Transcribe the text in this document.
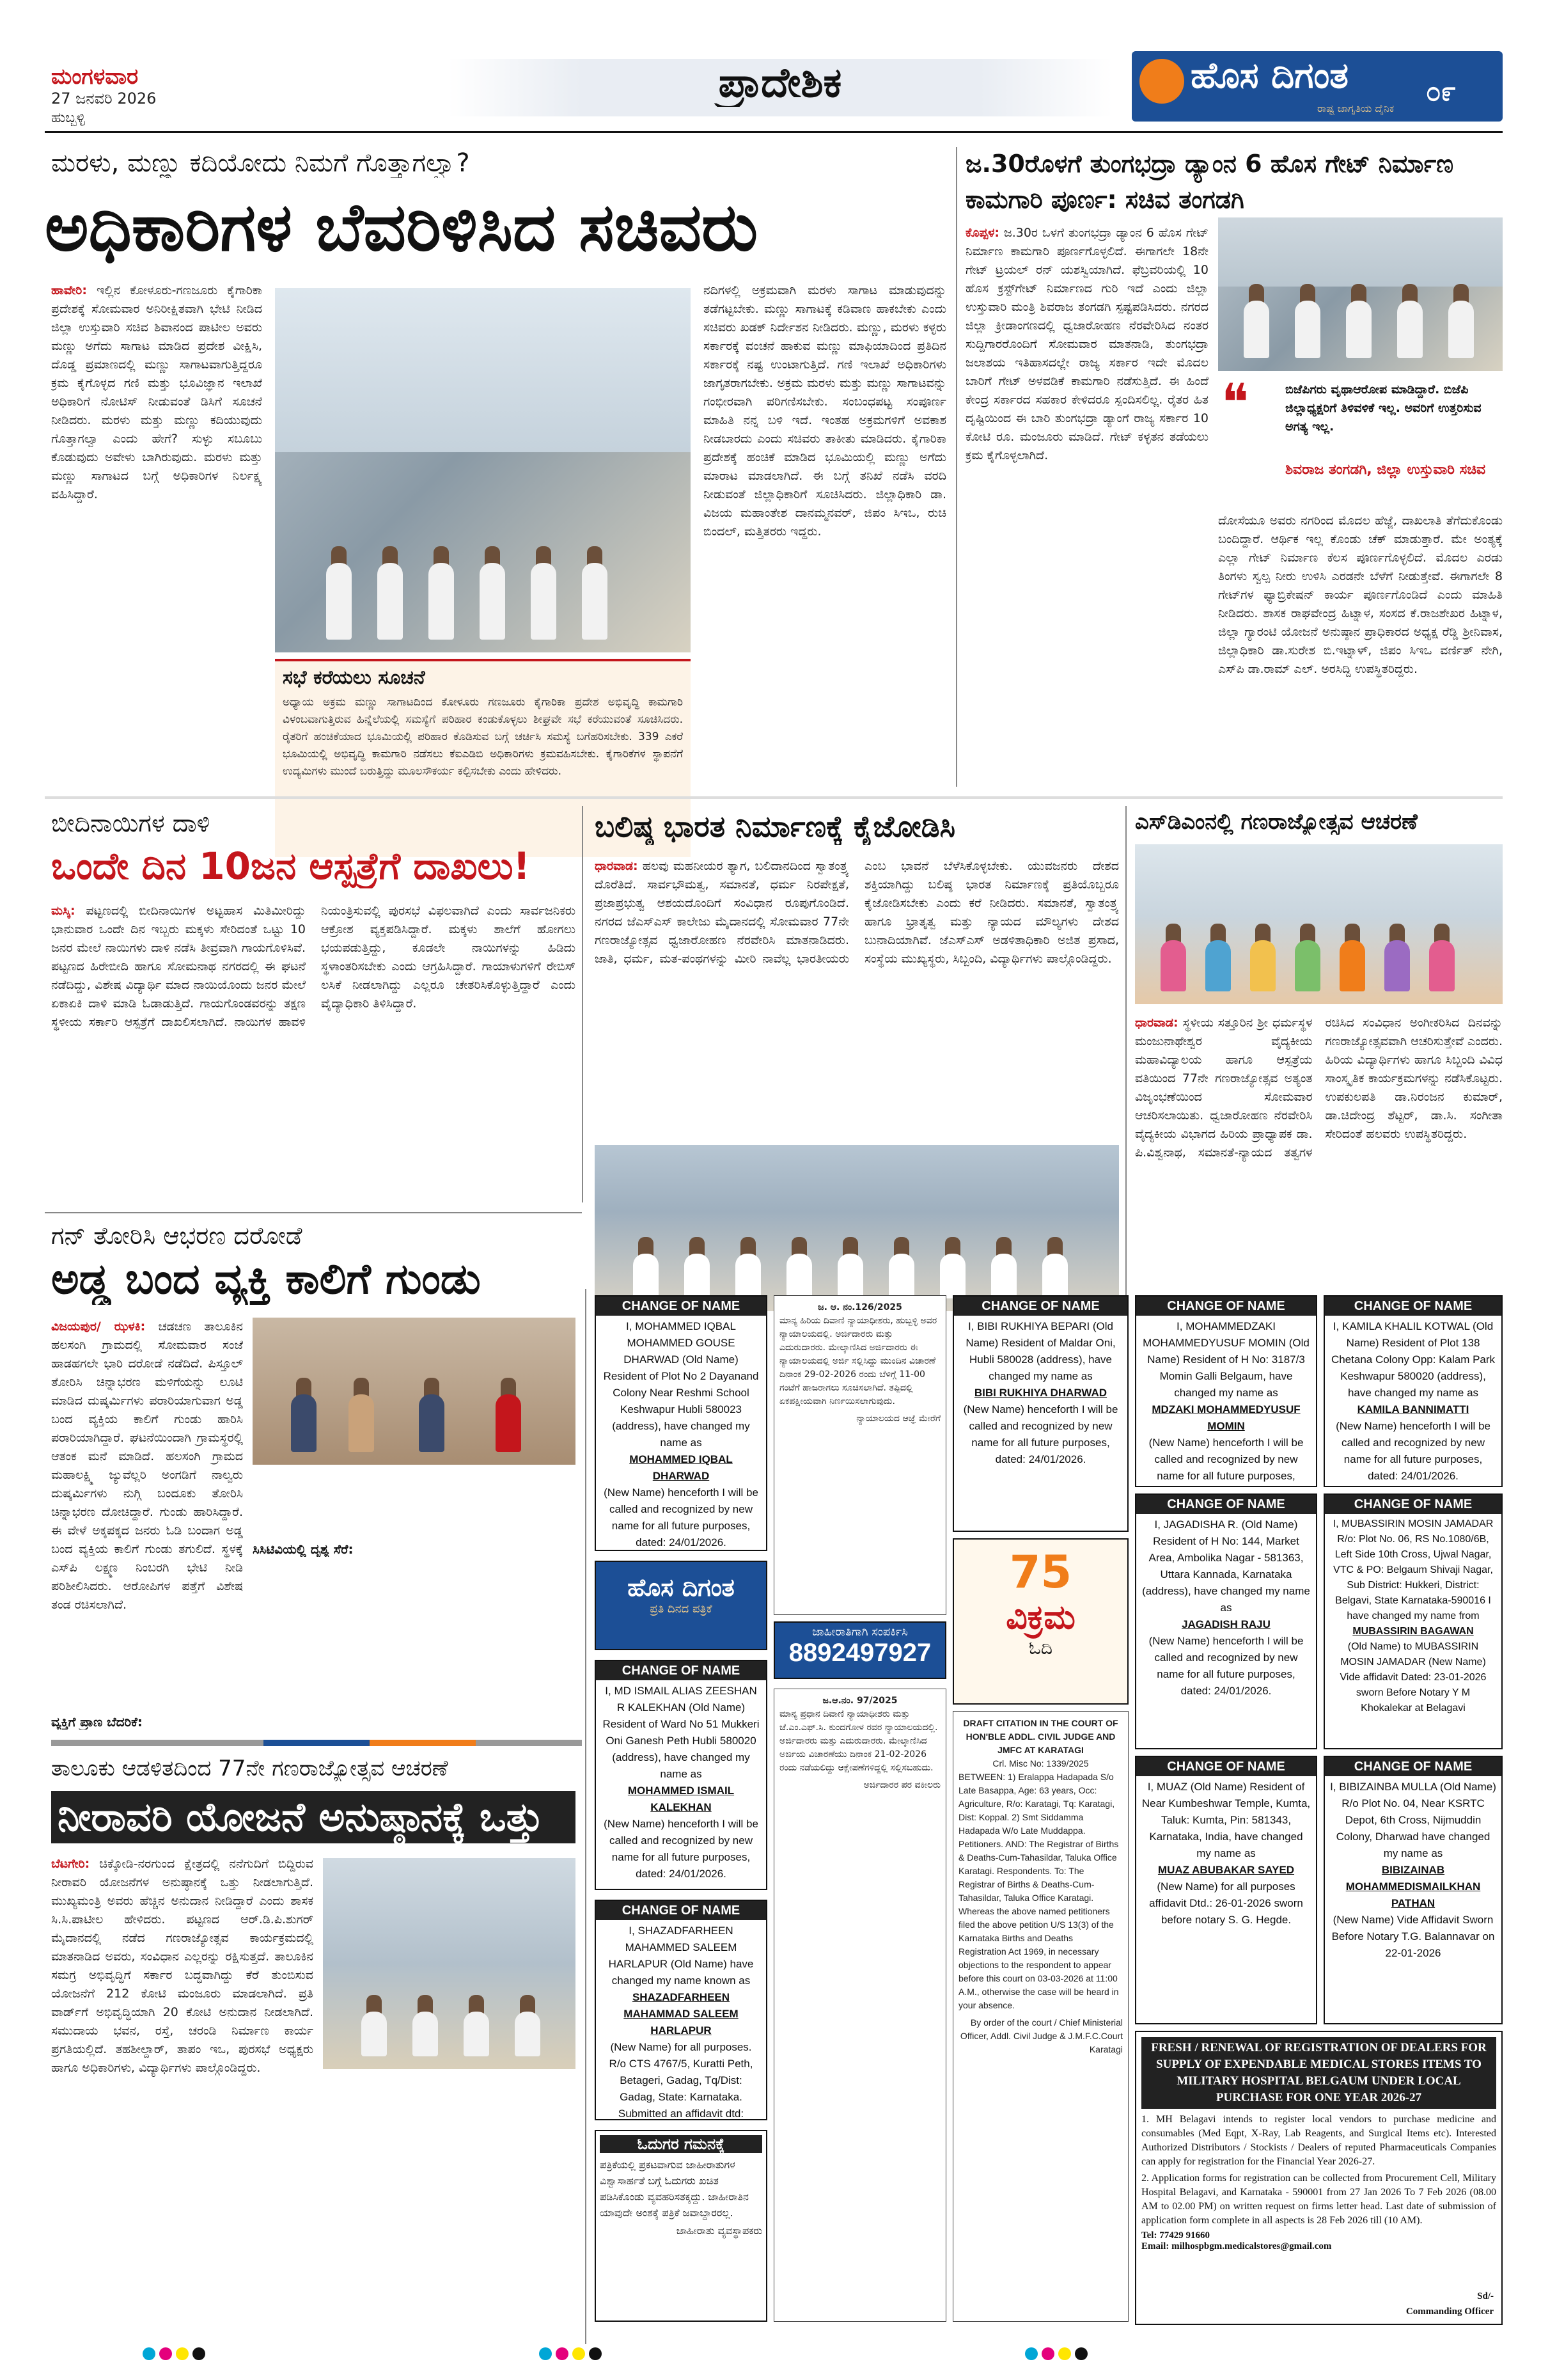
ಮಂಗಳವಾರ
27 ಜನವರಿ 2026
ಹುಬ್ಬಳ್ಳಿ
ಪ್ರಾದೇಶಿಕ	ಹೊಸ ದಿಗಂತ
ರಾಷ್ಟ್ರ ಜಾಗೃತಿಯ ದೈನಿಕ
೦೯
ಮರಳು, ಮಣ್ಣು ಕದಿಯೋದು ನಿಮಗೆ ಗೊತ್ತಾಗಲ್ವಾ?
ಅಧಿಕಾರಿಗಳ ಬೆವರಿಳಿಸಿದ ಸಚಿವರು
ಹಾವೇರಿ: ಇಲ್ಲಿನ ಕೋಳೂರು-ಗಣಜೂರು ಕೈಗಾರಿಕಾ ಪ್ರದೇಶಕ್ಕೆ ಸೋಮವಾರ ಅನಿರೀಕ್ಷಿತವಾಗಿ ಭೇಟಿ ನೀಡಿದ ಜಿಲ್ಲಾ ಉಸ್ತುವಾರಿ ಸಚಿವ ಶಿವಾನಂದ ಪಾಟೀಲ ಅವರು ಮಣ್ಣು ಅಗೆದು ಸಾಗಾಟ ಮಾಡಿದ ಪ್ರದೇಶ ವೀಕ್ಷಿಸಿ, ದೊಡ್ಡ ಪ್ರಮಾಣದಲ್ಲಿ ಮಣ್ಣು ಸಾಗಾಟವಾಗುತ್ತಿದ್ದರೂ ಕ್ರಮ ಕೈಗೊಳ್ಳದ ಗಣಿ ಮತ್ತು ಭೂವಿಜ್ಞಾನ ಇಲಾಖೆ ಅಧಿಕಾರಿಗೆ ನೋಟಿಸ್ ನೀಡುವಂತೆ ಡಿಸಿಗೆ ಸೂಚನೆ ನೀಡಿದರು. ಮರಳು ಮತ್ತು ಮಣ್ಣು ಕದಿಯುವುದು ಗೊತ್ತಾಗಲ್ವಾ ಎಂದು ಹೇಗೆ? ಸುಳ್ಳು ಸಬೂಬು ಕೊಡುವುದು ಅವೇಳು ಬಾಗಿರುವುದು. ಮರಳು ಮತ್ತು ಮಣ್ಣು ಸಾಗಾಟದ ಬಗ್ಗೆ ಅಧಿಕಾರಿಗಳ ನಿರ್ಲಕ್ಷ್ಯ ವಹಿಸಿದ್ದಾರೆ.
ಸಭೆ ಕರೆಯಲು ಸೂಚನೆ
ಅಧ್ಯಾಯ ಅಕ್ರಮ ಮಣ್ಣು ಸಾಗಾಟದಿಂದ ಕೋಳೂರು ಗಣಜೂರು ಕೈಗಾರಿಕಾ ಪ್ರದೇಶ ಅಭಿವೃದ್ಧಿ ಕಾಮಗಾರಿ ವಿಳಂಬವಾಗುತ್ತಿರುವ ಹಿನ್ನೆಲೆಯಲ್ಲಿ ಸಮಸ್ಯೆಗೆ ಪರಿಹಾರ ಕಂಡುಕೊಳ್ಳಲು ಶೀಘ್ರವೇ ಸಭೆ ಕರೆಯುವಂತೆ ಸೂಚಿಸಿದರು. ರೈತರಿಗೆ ಹಂಚಿಕೆಯಾದ ಭೂಮಿಯಲ್ಲಿ ಪರಿಹಾರ ಕೊಡಿಸುವ ಬಗ್ಗೆ ಚರ್ಚಿಸಿ ಸಮಸ್ಯೆ ಬಗೆಹರಿಸಬೇಕು. 339 ಎಕರೆ ಭೂಮಿಯಲ್ಲಿ ಅಭಿವೃದ್ಧಿ ಕಾಮಗಾರಿ ನಡೆಸಲು ಕೆಐಎಡಿಬಿ ಅಧಿಕಾರಿಗಳು ಕ್ರಮವಹಿಸಬೇಕು. ಕೈಗಾರಿಕೆಗಳ ಸ್ಥಾಪನೆಗೆ ಉದ್ಯಮಿಗಳು ಮುಂದೆ ಬರುತ್ತಿದ್ದು ಮೂಲಸೌಕರ್ಯ ಕಲ್ಪಿಸಬೇಕು ಎಂದು ಹೇಳಿದರು.
ನದಿಗಳಲ್ಲಿ ಅಕ್ರಮವಾಗಿ ಮರಳು ಸಾಗಾಟ ಮಾಡುವುದನ್ನು ತಡೆಗಟ್ಟಬೇಕು. ಮಣ್ಣು ಸಾಗಾಟಕ್ಕೆ ಕಡಿವಾಣ ಹಾಕಬೇಕು ಎಂದು ಸಚಿವರು ಖಡಕ್ ನಿರ್ದೇಶನ ನೀಡಿದರು. ಮಣ್ಣು, ಮರಳು ಕಳ್ಳರು ಸರ್ಕಾರಕ್ಕೆ ವಂಚನೆ ಹಾಕುವ ಮಣ್ಣು ಮಾಫಿಯಾದಿಂದ ಪ್ರತಿದಿನ ಸರ್ಕಾರಕ್ಕೆ ನಷ್ಟ ಉಂಟಾಗುತ್ತಿದೆ. ಗಣಿ ಇಲಾಖೆ ಅಧಿಕಾರಿಗಳು ಜಾಗೃತರಾಗಬೇಕು. ಅಕ್ರಮ ಮರಳು ಮತ್ತು ಮಣ್ಣು ಸಾಗಾಟವನ್ನು ಗಂಭೀರವಾಗಿ ಪರಿಗಣಿಸಬೇಕು. ಸಂಬಂಧಪಟ್ಟ ಸಂಪೂರ್ಣ ಮಾಹಿತಿ ನನ್ನ ಬಳಿ ಇದೆ. ಇಂತಹ ಅಕ್ರಮಗಳಿಗೆ ಅವಕಾಶ ನೀಡಬಾರದು ಎಂದು ಸಚಿವರು ತಾಕೀತು ಮಾಡಿದರು. ಕೈಗಾರಿಕಾ ಪ್ರದೇಶಕ್ಕೆ ಹಂಚಿಕೆ ಮಾಡಿದ ಭೂಮಿಯಲ್ಲಿ ಮಣ್ಣು ಅಗೆದು ಮಾರಾಟ ಮಾಡಲಾಗಿದೆ. ಈ ಬಗ್ಗೆ ತನಿಖೆ ನಡೆಸಿ ವರದಿ ನೀಡುವಂತೆ ಜಿಲ್ಲಾಧಿಕಾರಿಗೆ ಸೂಚಿಸಿದರು. ಜಿಲ್ಲಾಧಿಕಾರಿ ಡಾ. ವಿಜಯ ಮಹಾಂತೇಶ ದಾನಮ್ಮನವರ್, ಜಿಪಂ ಸಿಇಒ, ರುಚಿ ಬಿಂದಲ್, ಮತ್ತಿತರರು ಇದ್ದರು.
ಜ.30ರೊಳಗೆ ತುಂಗಭದ್ರಾ ಡ್ಯಾಂನ 6 ಹೊಸ ಗೇಟ್ ನಿರ್ಮಾಣ ಕಾಮಗಾರಿ ಪೂರ್ಣ: ಸಚಿವ ತಂಗಡಗಿ
ಕೊಪ್ಪಳ: ಜ.30ರ ಒಳಗೆ ತುಂಗಭದ್ರಾ ಡ್ಯಾಂನ 6 ಹೊಸ ಗೇಟ್ ನಿರ್ಮಾಣ ಕಾಮಗಾರಿ ಪೂರ್ಣಗೊಳ್ಳಲಿದೆ. ಈಗಾಗಲೇ 18ನೇ ಗೇಟ್ ಟ್ರಯಲ್ ರನ್ ಯಶಸ್ವಿಯಾಗಿದೆ. ಫೆಬ್ರವರಿಯಲ್ಲಿ 10 ಹೊಸ ಕ್ರಸ್ಟ್‌ಗೇಟ್ ನಿರ್ಮಾಣದ ಗುರಿ ಇದೆ ಎಂದು ಜಿಲ್ಲಾ ಉಸ್ತುವಾರಿ ಮಂತ್ರಿ ಶಿವರಾಜ ತಂಗಡಗಿ ಸ್ಪಷ್ಟಪಡಿಸಿದರು. ನಗರದ ಜಿಲ್ಲಾ ಕ್ರೀಡಾಂಗಣದಲ್ಲಿ ಧ್ವಜಾರೋಹಣ ನೆರವೇರಿಸಿದ ನಂತರ ಸುದ್ದಿಗಾರರೊಂದಿಗೆ ಸೋಮವಾರ ಮಾತನಾಡಿ, ತುಂಗಭದ್ರಾ ಜಲಾಶಯ ಇತಿಹಾಸದಲ್ಲೇ ರಾಜ್ಯ ಸರ್ಕಾರ ಇದೇ ಮೊದಲ ಬಾರಿಗೆ ಗೇಟ್ ಅಳವಡಿಕೆ ಕಾಮಗಾರಿ ನಡೆಸುತ್ತಿದೆ. ಈ ಹಿಂದೆ ಕೇಂದ್ರ ಸರ್ಕಾರದ ಸಹಕಾರ ಕೇಳಿದರೂ ಸ್ಪಂದಿಸಲಿಲ್ಲ. ರೈತರ ಹಿತ ದೃಷ್ಟಿಯಿಂದ ಈ ಬಾರಿ ತುಂಗಭದ್ರಾ ಡ್ಯಾಂಗೆ ರಾಜ್ಯ ಸರ್ಕಾರ 10 ಕೋಟಿ ರೂ. ಮಂಜೂರು ಮಾಡಿದೆ. ಗೇಟ್ ಕಳ್ಳತನ ತಡೆಯಲು ಕ್ರಮ ಕೈಗೊಳ್ಳಲಾಗಿದೆ.
❝	ಬಿಜೆಪಿಗರು ವೃಥಾಆರೋಪ ಮಾಡಿದ್ದಾರೆ. ಬಿಜೆಪಿ ಜಿಲ್ಲಾಧ್ಯಕ್ಷರಿಗೆ ತಿಳಿವಳಿಕೆ ಇಲ್ಲ. ಅವರಿಗೆ ಉತ್ತರಿಸುವ ಅಗತ್ಯ ಇಲ್ಲ.
ಶಿವರಾಜ ತಂಗಡಗಿ, ಜಿಲ್ಲಾ ಉಸ್ತುವಾರಿ ಸಚಿವ
ದೋಸೆಯೂ ಅವರು ನಗರಿಂದ ಮೊದಲ ಹೆಜ್ಜೆ, ದಾಖಲಾತಿ ತೆಗೆದುಕೊಂಡು ಬಂದಿದ್ದಾರೆ. ಆರ್ಥಿಕ ಇಲ್ಲ ಕೊಂಡು ಚೆಕ್ ಮಾಡುತ್ತಾರೆ. ಮೇ ಅಂತ್ಯಕ್ಕೆ ಎಲ್ಲಾ ಗೇಟ್ ನಿರ್ಮಾಣ ಕೆಲಸ ಪೂರ್ಣಗೊಳ್ಳಲಿದೆ. ಮೊದಲ ಎರಡು ತಿಂಗಳು ಸ್ವಲ್ಪ ನೀರು ಉಳಿಸಿ ಎರಡನೇ ಬೆಳೆಗೆ ನೀಡುತ್ತೇವೆ. ಈಗಾಗಲೇ 8 ಗೇಟ್‌ಗಳ ಫ್ಯಾಬ್ರಿಕೇಷನ್ ಕಾರ್ಯ ಪೂರ್ಣಗೊಂಡಿದೆ ಎಂದು ಮಾಹಿತಿ ನೀಡಿದರು. ಶಾಸಕ ರಾಘವೇಂದ್ರ ಹಿಟ್ನಾಳ, ಸಂಸದ ಕೆ.ರಾಜಶೇಖರ ಹಿಟ್ನಾಳ, ಜಿಲ್ಲಾ ಗ್ಯಾರಂಟಿ ಯೋಜನೆ ಅನುಷ್ಠಾನ ಪ್ರಾಧಿಕಾರದ ಅಧ್ಯಕ್ಷ ರೆಡ್ಡಿ ಶ್ರೀನಿವಾಸ, ಜಿಲ್ಲಾಧಿಕಾರಿ ಡಾ.ಸುರೇಶ ಬಿ.ಇಟ್ನಾಳ್, ಜಿಪಂ ಸಿಇಒ ವರ್ಣಿತ್ ನೇಗಿ, ಎಸ್‌ಪಿ ಡಾ.ರಾಮ್ ಎಲ್. ಅರಸಿದ್ದಿ ಉಪಸ್ಥಿತರಿದ್ದರು.
ಬೀದಿನಾಯಿಗಳ ದಾಳಿ
ಒಂದೇ ದಿನ 10ಜನ ಆಸ್ಪತ್ರೆಗೆ ದಾಖಲು!
ಮಸ್ಕಿ: ಪಟ್ಟಣದಲ್ಲಿ ಬೀದಿನಾಯಿಗಳ ಅಟ್ಟಹಾಸ ಮಿತಿಮೀರಿದ್ದು ಭಾನುವಾರ ಒಂದೇ ದಿನ ಇಬ್ಬರು ಮಕ್ಕಳು ಸೇರಿದಂತೆ ಒಟ್ಟು 10 ಜನರ ಮೇಲೆ ನಾಯಿಗಳು ದಾಳಿ ನಡೆಸಿ ತೀವ್ರವಾಗಿ ಗಾಯಗೊಳಿಸಿವೆ. ಪಟ್ಟಣದ ಹಿರೇಬೀದಿ ಹಾಗೂ ಸೋಮನಾಥ ನಗರದಲ್ಲಿ ಈ ಘಟನೆ ನಡೆದಿದ್ದು, ವಿಶೇಷ ವಿದ್ಯಾರ್ಥಿ ಮಾದ ನಾಯಿಯೊಂದು ಜನರ ಮೇಲೆ ಏಕಾಏಕಿ ದಾಳಿ ಮಾಡಿ ಓಡಾಡುತ್ತಿದೆ. ಗಾಯಗೊಂಡವರನ್ನು ತಕ್ಷಣ ಸ್ಥಳೀಯ ಸರ್ಕಾರಿ ಆಸ್ಪತ್ರೆಗೆ ದಾಖಲಿಸಲಾಗಿದೆ. ನಾಯಿಗಳ ಹಾವಳಿ ನಿಯಂತ್ರಿಸುವಲ್ಲಿ ಪುರಸಭೆ ವಿಫಲವಾಗಿದೆ ಎಂದು ಸಾರ್ವಜನಿಕರು ಆಕ್ರೋಶ ವ್ಯಕ್ತಪಡಿಸಿದ್ದಾರೆ. ಮಕ್ಕಳು ಶಾಲೆಗೆ ಹೋಗಲು ಭಯಪಡುತ್ತಿದ್ದು, ಕೂಡಲೇ ನಾಯಿಗಳನ್ನು ಹಿಡಿದು ಸ್ಥಳಾಂತರಿಸಬೇಕು ಎಂದು ಆಗ್ರಹಿಸಿದ್ದಾರೆ. ಗಾಯಾಳುಗಳಿಗೆ ರೇಬಿಸ್ ಲಸಿಕೆ ನೀಡಲಾಗಿದ್ದು ಎಲ್ಲರೂ ಚೇತರಿಸಿಕೊಳ್ಳುತ್ತಿದ್ದಾರೆ ಎಂದು ವೈದ್ಯಾಧಿಕಾರಿ ತಿಳಿಸಿದ್ದಾರೆ.
ಬಲಿಷ್ಠ ಭಾರತ ನಿರ್ಮಾಣಕ್ಕೆ ಕೈಜೋಡಿಸಿ
ಧಾರವಾಡ: ಹಲವು ಮಹನೀಯರ ತ್ಯಾಗ, ಬಲಿದಾನದಿಂದ ಸ್ವಾತಂತ್ರ್ಯ ದೊರೆತಿದೆ. ಸಾರ್ವಭೌಮತ್ವ, ಸಮಾನತೆ, ಧರ್ಮ ನಿರಪೇಕ್ಷತೆ, ಪ್ರಜಾಪ್ರಭುತ್ವ ಆಶಯದೊಂದಿಗೆ ಸಂವಿಧಾನ ರೂಪುಗೊಂಡಿದೆ. ನಗರದ ಜೆಎಸ್‌ಎಸ್ ಕಾಲೇಜು ಮೈದಾನದಲ್ಲಿ ಸೋಮವಾರ 77ನೇ ಗಣರಾಜ್ಯೋತ್ಸವ ಧ್ವಜಾರೋಹಣ ನೆರವೇರಿಸಿ ಮಾತನಾಡಿದರು. ಜಾತಿ, ಧರ್ಮ, ಮತ-ಪಂಥಗಳನ್ನು ಮೀರಿ ನಾವೆಲ್ಲ ಭಾರತೀಯರು ಎಂಬ ಭಾವನೆ ಬೆಳೆಸಿಕೊಳ್ಳಬೇಕು. ಯುವಜನರು ದೇಶದ ಶಕ್ತಿಯಾಗಿದ್ದು ಬಲಿಷ್ಠ ಭಾರತ ನಿರ್ಮಾಣಕ್ಕೆ ಪ್ರತಿಯೊಬ್ಬರೂ ಕೈಜೋಡಿಸಬೇಕು ಎಂದು ಕರೆ ನೀಡಿದರು. ಸಮಾನತೆ, ಸ್ವಾತಂತ್ರ್ಯ ಹಾಗೂ ಭ್ರಾತೃತ್ವ ಮತ್ತು ನ್ಯಾಯದ ಮೌಲ್ಯಗಳು ದೇಶದ ಬುನಾದಿಯಾಗಿವೆ. ಜೆಎಸ್‌ಎಸ್ ಅಡಳಿತಾಧಿಕಾರಿ ಅಜಿತ ಪ್ರಸಾದ, ಸಂಸ್ಥೆಯ ಮುಖ್ಯಸ್ಥರು, ಸಿಬ್ಬಂದಿ, ವಿದ್ಯಾರ್ಥಿಗಳು ಪಾಲ್ಗೊಂಡಿದ್ದರು.
ಎಸ್‌ಡಿಎಂನಲ್ಲಿ ಗಣರಾಜ್ಯೋತ್ಸವ ಆಚರಣೆ
ಧಾರವಾಡ: ಸ್ಥಳೀಯ ಸತ್ತೂರಿನ ಶ್ರೀ ಧರ್ಮಸ್ಥಳ ಮಂಜುನಾಥೇಶ್ವರ ವೈದ್ಯಕೀಯ ಮಹಾವಿದ್ಯಾಲಯ ಹಾಗೂ ಆಸ್ಪತ್ರೆಯ ವತಿಯಿಂದ 77ನೇ ಗಣರಾಜ್ಯೋತ್ಸವ ಅತ್ಯಂತ ವಿಜೃಂಭಣೆಯಿಂದ ಸೋಮವಾರ ಆಚರಿಸಲಾಯಿತು. ಧ್ವಜಾರೋಹಣ ನೆರವೇರಿಸಿ ವೈದ್ಯಕೀಯ ವಿಭಾಗದ ಹಿರಿಯ ಪ್ರಾಧ್ಯಾಪಕ ಡಾ. ಪಿ.ವಿಶ್ವನಾಥ, ಸಮಾನತೆ-ನ್ಯಾಯದ ತತ್ವಗಳ ರಚಿಸಿದ ಸಂವಿಧಾನ ಅಂಗೀಕರಿಸಿದ ದಿನವನ್ನು ಗಣರಾಜ್ಯೋತ್ಸವವಾಗಿ ಆಚರಿಸುತ್ತೇವೆ ಎಂದರು. ಹಿರಿಯ ವಿದ್ಯಾರ್ಥಿಗಳು ಹಾಗೂ ಸಿಬ್ಬಂದಿ ವಿವಿಧ ಸಾಂಸ್ಕೃತಿಕ ಕಾರ್ಯಕ್ರಮಗಳನ್ನು ನಡೆಸಿಕೊಟ್ಟರು. ಉಪಕುಲಪತಿ ಡಾ.ನಿರಂಜನ ಕುಮಾರ್, ಡಾ.ಚಿದೇಂದ್ರ ಶೆಟ್ಟರ್, ಡಾ.ಸಿ. ಸಂಗೀತಾ ಸೇರಿದಂತೆ ಹಲವರು ಉಪಸ್ಥಿತರಿದ್ದರು.
ಗನ್ ತೋರಿಸಿ ಆಭರಣ ದರೋಡೆ
ಅಡ್ಡ ಬಂದ ವ್ಯಕ್ತಿ ಕಾಲಿಗೆ ಗುಂಡು
ವಿಜಯಪುರ/ ಝಳಕಿ: ಚಡಚಣ ತಾಲೂಕಿನ ಹಲಸಂಗಿ ಗ್ರಾಮದಲ್ಲಿ ಸೋಮವಾರ ಸಂಜೆ ಹಾಡಹಗಲೇ ಭಾರಿ ದರೋಡೆ ನಡೆದಿದೆ. ಪಿಸ್ತೂಲ್ ತೋರಿಸಿ ಚಿನ್ನಾಭರಣ ಮಳಿಗೆಯನ್ನು ಲೂಟಿ ಮಾಡಿದ ದುಷ್ಕರ್ಮಿಗಳು ಪರಾರಿಯಾಗುವಾಗ ಅಡ್ಡ ಬಂದ ವ್ಯಕ್ತಿಯ ಕಾಲಿಗೆ ಗುಂಡು ಹಾರಿಸಿ ಪರಾರಿಯಾಗಿದ್ದಾರೆ. ಘಟನೆಯಿಂದಾಗಿ ಗ್ರಾಮಸ್ಥರಲ್ಲಿ ಆತಂಕ ಮನೆ ಮಾಡಿದೆ. ಹಲಸಂಗಿ ಗ್ರಾಮದ ಮಹಾಲಕ್ಷ್ಮಿ ಜ್ಯುವೆಲ್ಲರಿ ಅಂಗಡಿಗೆ ನಾಲ್ವರು ದುಷ್ಕರ್ಮಿಗಳು ನುಗ್ಗಿ ಬಂದೂಕು ತೋರಿಸಿ ಚಿನ್ನಾಭರಣ ದೋಚಿದ್ದಾರೆ. ಗುಂಡು ಹಾರಿಸಿದ್ದಾರೆ. ಈ ವೇಳೆ ಅಕ್ಕಪಕ್ಕದ ಜನರು ಓಡಿ ಬಂದಾಗ ಅಡ್ಡ ಬಂದ ವ್ಯಕ್ತಿಯ ಕಾಲಿಗೆ ಗುಂಡು ತಗುಲಿದೆ. ಸ್ಥಳಕ್ಕೆ ಎಸ್‌ಪಿ ಲಕ್ಷ್ಮಣ ನಿಂಬರಗಿ ಭೇಟಿ ನೀಡಿ ಪರಿಶೀಲಿಸಿದರು. ಆರೋಪಿಗಳ ಪತ್ತೆಗೆ ವಿಶೇಷ ತಂಡ ರಚಿಸಲಾಗಿದೆ.
ವ್ಯಕ್ತಿಗೆ ಪ್ರಾಣ ಬೆದರಿಕೆ:
ಸಿಸಿಟಿವಿಯಲ್ಲಿ ದೃಶ್ಯ ಸೆರೆ:
ತಾಲೂಕು ಆಡಳಿತದಿಂದ 77ನೇ ಗಣರಾಜ್ಯೋತ್ಸವ ಆಚರಣೆ
ನೀರಾವರಿ ಯೋಜನೆ ಅನುಷ್ಠಾನಕ್ಕೆ ಒತ್ತು
ಬೆಟಗೇರಿ: ಚಿಕ್ಕೋಡಿ-ನರಗುಂದ ಕ್ಷೇತ್ರದಲ್ಲಿ ನನೆಗುದಿಗೆ ಬಿದ್ದಿರುವ ನೀರಾವರಿ ಯೋಜನೆಗಳ ಅನುಷ್ಠಾನಕ್ಕೆ ಒತ್ತು ನೀಡಲಾಗುತ್ತಿದೆ. ಮುಖ್ಯಮಂತ್ರಿ ಅವರು ಹೆಚ್ಚಿನ ಅನುದಾನ ನೀಡಿದ್ದಾರೆ ಎಂದು ಶಾಸಕ ಸಿ.ಸಿ.ಪಾಟೀಲ ಹೇಳಿದರು. ಪಟ್ಟಣದ ಆರ್.ಡಿ.ಪಿ.ಶುಗರ್ ಮೈದಾನದಲ್ಲಿ ನಡೆದ ಗಣರಾಜ್ಯೋತ್ಸವ ಕಾರ್ಯಕ್ರಮದಲ್ಲಿ ಮಾತನಾಡಿದ ಅವರು, ಸಂವಿಧಾನ ಎಲ್ಲರನ್ನು ರಕ್ಷಿಸುತ್ತದೆ. ತಾಲೂಕಿನ ಸಮಗ್ರ ಅಭಿವೃದ್ಧಿಗೆ ಸರ್ಕಾರ ಬದ್ಧವಾಗಿದ್ದು ಕೆರೆ ತುಂಬಿಸುವ ಯೋಜನೆಗೆ 212 ಕೋಟಿ ಮಂಜೂರು ಮಾಡಲಾಗಿದೆ. ಪ್ರತಿ ವಾರ್ಡ್‌ಗೆ ಅಭಿವೃದ್ಧಿಯಾಗಿ 20 ಕೋಟಿ ಅನುದಾನ ನೀಡಲಾಗಿದೆ. ಸಮುದಾಯ ಭವನ, ರಸ್ತೆ, ಚರಂಡಿ ನಿರ್ಮಾಣ ಕಾರ್ಯ ಪ್ರಗತಿಯಲ್ಲಿದೆ. ತಹಶೀಲ್ದಾರ್, ತಾಪಂ ಇಒ, ಪುರಸಭೆ ಅಧ್ಯಕ್ಷರು ಹಾಗೂ ಅಧಿಕಾರಿಗಳು, ವಿದ್ಯಾರ್ಥಿಗಳು ಪಾಲ್ಗೊಂಡಿದ್ದರು.
CHANGE OF NAME
I, MOHAMMED IQBAL MOHAMMED GOUSE DHARWAD (Old Name) Resident of Plot No 2 Dayanand Colony Near Reshmi School Keshwapur Hubli 580023 (address), have changed my name as
MOHAMMED IQBAL DHARWAD
(New Name) henceforth I will be called and recognized by new name for all future purposes, dated: 24/01/2026.
ಹೊಸ ದಿಗಂತ
ಪ್ರತಿ ದಿನದ ಪತ್ರಿಕೆ
CHANGE OF NAME
I, MD ISMAIL ALIAS ZEESHAN R KALEKHAN (Old Name) Resident of Ward No 51 Mukkeri Oni Ganesh Peth Hubli 580020 (address), have changed my name as
MOHAMMED ISMAIL KALEKHAN
(New Name) henceforth I will be called and recognized by new name for all future purposes, dated: 24/01/2026.
CHANGE OF NAME
I, SHAZADFARHEEN MAHAMMED SALEEM HARLAPUR (Old Name) have changed my name known as
SHAZADFARHEEN MAHAMMAD SALEEM HARLAPUR
(New Name) for all purposes. R/o CTS 4767/5, Kuratti Peth, Betageri, Gadag, Tq/Dist: Gadag, State: Karnataka. Submitted an affidavit dtd:
ಓದುಗರ ಗಮನಕ್ಕೆ
ಪತ್ರಿಕೆಯಲ್ಲಿ ಪ್ರಕಟವಾಗುವ ಜಾಹೀರಾತುಗಳ ವಿಶ್ವಾಸಾರ್ಹತೆ ಬಗ್ಗೆ ಓದುಗರು ಖಚಿತ ಪಡಿಸಿಕೊಂಡು ವ್ಯವಹರಿಸತಕ್ಕದ್ದು. ಜಾಹೀರಾತಿನ ಯಾವುದೇ ಅಂಶಕ್ಕೆ ಪತ್ರಿಕೆ ಜವಾಬ್ದಾರರಲ್ಲ.
ಜಾಹೀರಾತು ವ್ಯವಸ್ಥಾಪಕರು
ಜ. ಆ. ನಂ.126/2025
ಮಾನ್ಯ ಹಿರಿಯ ದಿವಾಣಿ ನ್ಯಾಯಾಧೀಶರು, ಹುಬ್ಬಳ್ಳಿ ಅವರ ನ್ಯಾಯಾಲಯದಲ್ಲಿ. ಅರ್ಜಿದಾರರು ಮತ್ತು ಎದುರುದಾರರು. ಮೇಲ್ಕಾಣಿಸಿದ ಅರ್ಜಿದಾರರು ಈ ನ್ಯಾಯಾಲಯದಲ್ಲಿ ಅರ್ಜಿ ಸಲ್ಲಿಸಿದ್ದು ಮುಂದಿನ ವಿಚಾರಣೆ ದಿನಾಂಕ 29-02-2026 ರಂದು ಬೆಳಿಗ್ಗೆ 11-00 ಗಂಟೆಗೆ ಹಾಜರಾಗಲು ಸೂಚಿಸಲಾಗಿದೆ. ತಪ್ಪಿದಲ್ಲಿ ಏಕಪಕ್ಷೀಯವಾಗಿ ನಿರ್ಣಯಿಸಲಾಗುವುದು.
ನ್ಯಾಯಾಲಯದ ಆಜ್ಞೆ ಮೇರೆಗೆ
ಜಾಹೀರಾತಿಗಾಗಿ ಸಂಪರ್ಕಿಸಿ
8892497927
ಜ.ಆ.ನಂ. 97/2025
ಮಾನ್ಯ ಪ್ರಧಾನ ದಿವಾಣಿ ನ್ಯಾಯಾಧೀಶರು ಮತ್ತು ಜೆ.ಎಂ.ಎಫ್.ಸಿ. ಕುಂದಗೋಳ ರವರ ನ್ಯಾಯಾಲಯದಲ್ಲಿ. ಅರ್ಜಿದಾರರು ಮತ್ತು ಎದುರುದಾರರು. ಮೇಲ್ಕಾಣಿಸಿದ ಅರ್ಜಿಯ ವಿಚಾರಣೆಯು ದಿನಾಂಕ 21-02-2026 ರಂದು ನಡೆಯಲಿದ್ದು ಆಕ್ಷೇಪಣೆಗಳಿದ್ದಲ್ಲಿ ಸಲ್ಲಿಸಬಹುದು.
ಅರ್ಜಿದಾರರ ಪರ ವಕೀಲರು
CHANGE OF NAME
I, BIBI RUKHIYA BEPARI (Old Name) Resident of Maldar Oni, Hubli 580028 (address), have changed my name as
BIBI RUKHIYA DHARWAD
(New Name) henceforth I will be called and recognized by new name for all future purposes, dated: 24/01/2026.
75
ವಿಕ್ರಮ
ಓದಿ
DRAFT CITATION IN THE COURT OF HON'BLE ADDL. CIVIL JUDGE AND JMFC AT KARATAGI
Crl. Misc No: 1339/2025
BETWEEN: 1) Eralappa Hadapada S/o Late Basappa, Age: 63 years, Occ: Agriculture, R/o: Karatagi, Tq: Karatagi, Dist: Koppal. 2) Smt Siddamma Hadapada W/o Late Muddappa. Petitioners. AND: The Registrar of Births & Deaths-Cum-Tahasildar, Taluka Office Karatagi. Respondents. To: The Registrar of Births & Deaths-Cum-Tahasildar, Taluka Office Karatagi. Whereas the above named petitioners filed the above petition U/S 13(3) of the Karnataka Births and Deaths Registration Act 1969, in necessary objections to the respondent to appear before this court on 03-03-2026 at 11:00 A.M., otherwise the case will be heard in your absence.
By order of the court / Chief Ministerial Officer, Addl. Civil Judge & J.M.F.C.Court Karatagi
CHANGE OF NAME
I, MOHAMMEDZAKI MOHAMMEDYUSUF MOMIN (Old Name) Resident of H No: 3187/3 Momin Galli Belgaum, have changed my name as
MDZAKI MOHAMMEDYUSUF MOMIN
(New Name) henceforth I will be called and recognized by new name for all future purposes,
CHANGE OF NAME
I, JAGADISHA R. (Old Name) Resident of H No: 144, Market Area, Ambolika Nagar - 581363, Uttara Kannada, Karnataka (address), have changed my name as
JAGADISH RAJU
(New Name) henceforth I will be called and recognized by new name for all future purposes, dated: 24/01/2026.
CHANGE OF NAME
I, MUAZ (Old Name) Resident of Near Kumbeshwar Temple, Kumta, Taluk: Kumta, Pin: 581343, Karnataka, India, have changed my name as
MUAZ ABUBAKAR SAYED
(New Name) for all purposes affidavit Dtd.: 26-01-2026 sworn before notary S. G. Hegde.
CHANGE OF NAME
I, KAMILA KHALIL KOTWAL (Old Name) Resident of Plot 138 Chetana Colony Opp: Kalam Park Keshwapur 580020 (address), have changed my name as
KAMILA BANNIMATTI
(New Name) henceforth I will be called and recognized by new name for all future purposes, dated: 24/01/2026.
CHANGE OF NAME
I, MUBASSIRIN MOSIN JAMADAR R/o: Plot No. 06, RS No.1080/6B, Left Side 10th Cross, Ujwal Nagar, VTC & PO: Belgaum Shivaji Nagar, Sub District: Hukkeri, District: Belgavi, State Karnataka-590016 I have changed my name from
MUBASSIRIN BAGAWAN
(Old Name) to MUBASSIRIN MOSIN JAMADAR (New Name) Vide affidavit Dated: 23-01-2026 sworn Before Notary Y M Khokalekar at Belagavi
CHANGE OF NAME
I, BIBIZAINBA MULLA (Old Name) R/o Plot No. 04, Near KSRTC Depot, 6th Cross, Nijmuddin Colony, Dharwad have changed my name as
BIBIZAINAB MOHAMMEDISMAILKHAN PATHAN
(New Name) Vide Affidavit Sworn Before Notary T.G. Balannavar on 22-01-2026
FRESH / RENEWAL OF REGISTRATION OF DEALERS FOR SUPPLY OF EXPENDABLE MEDICAL STORES ITEMS TO MILITARY HOSPITAL BELGAUM UNDER LOCAL PURCHASE FOR ONE YEAR 2026-27
1. MH Belagavi intends to register local vendors to purchase medicine and consumables (Med Eqpt, X-Ray, Lab Reagents, and Surgical Items etc). Interested Authorized Distributors / Stockists / Dealers of reputed Pharmaceuticals Companies can apply for registration for the Financial Year 2026-27.
2. Application forms for registration can be collected from Procurement Cell, Military Hospital Belagavi, and Karnataka - 590001 from 27 Jan 2026 To 7 Feb 2026 (08.00 AM to 02.00 PM) on written request on firms letter head. Last date of submission of application form complete in all aspects is 28 Feb 2026 till (10 AM).
Tel: 77429 91660
Email: milhospbgm.medicalstores@gmail.com
Sd/-
Commanding Officer
